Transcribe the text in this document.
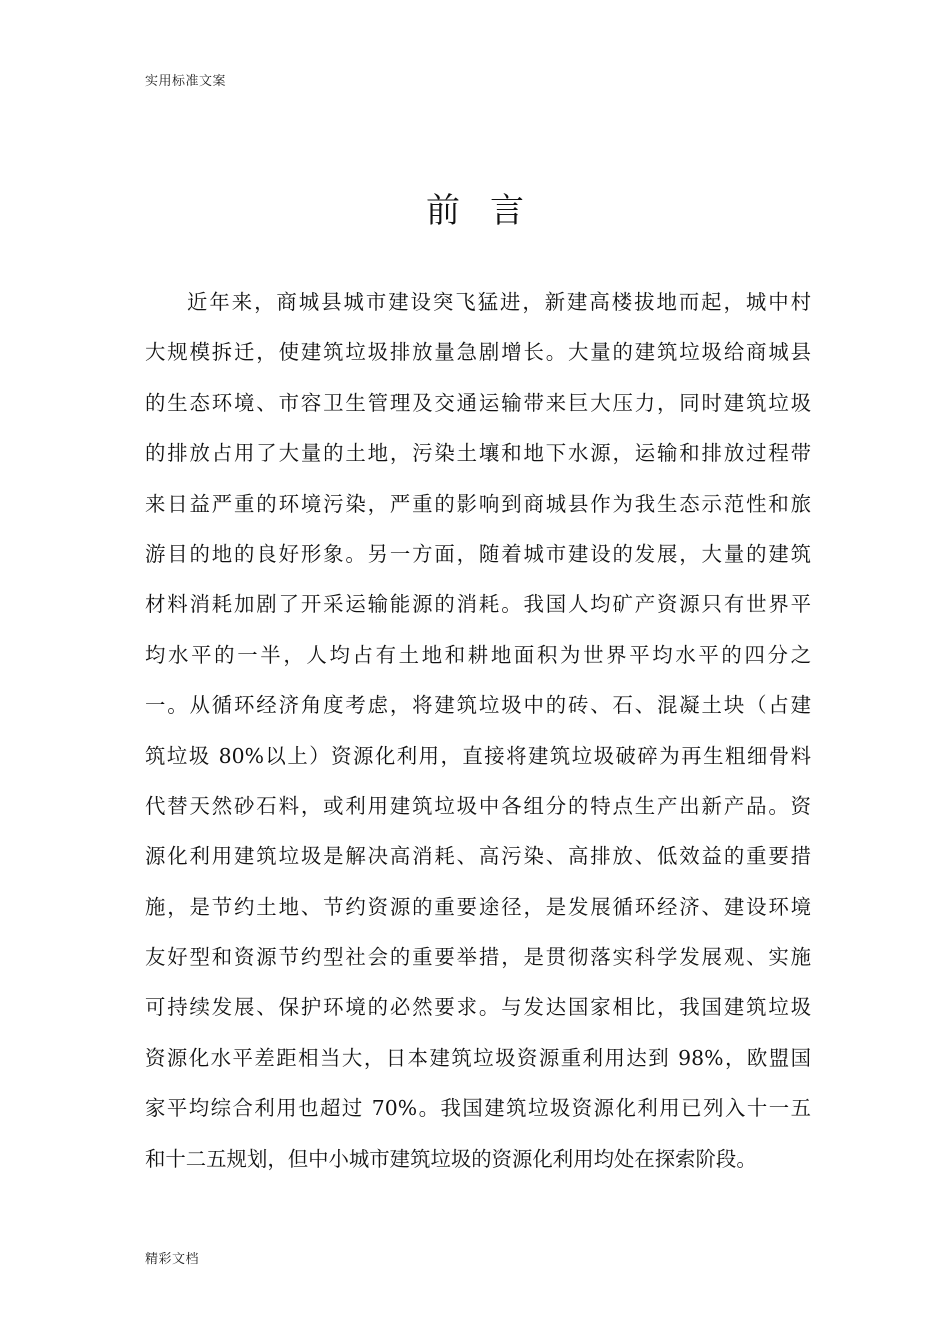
实用标准文案
前言
近年来，商城县城市建设突飞猛进，新建高楼拔地而起，城中村
大规模拆迁，使建筑垃圾排放量急剧增长。大量的建筑垃圾给商城县
的生态环境、市容卫生管理及交通运输带来巨大压力，同时建筑垃圾
的排放占用了大量的土地，污染土壤和地下水源，运输和排放过程带
来日益严重的环境污染，严重的影响到商城县作为我生态示范性和旅
游目的地的良好形象。另一方面，随着城市建设的发展，大量的建筑
材料消耗加剧了开采运输能源的消耗。我国人均矿产资源只有世界平
均水平的一半，人均占有土地和耕地面积为世界平均水平的四分之
一。从循环经济角度考虑，将建筑垃圾中的砖、石、混凝土块（占建
筑垃圾 80%以上）资源化利用，直接将建筑垃圾破碎为再生粗细骨料
代替天然砂石料，或利用建筑垃圾中各组分的特点生产出新产品。资
源化利用建筑垃圾是解决高消耗、高污染、高排放、低效益的重要措
施，是节约土地、节约资源的重要途径，是发展循环经济、建设环境
友好型和资源节约型社会的重要举措，是贯彻落实科学发展观、实施
可持续发展、保护环境的必然要求。与发达国家相比，我国建筑垃圾
资源化水平差距相当大，日本建筑垃圾资源重利用达到 98%，欧盟国
家平均综合利用也超过 70%。我国建筑垃圾资源化利用已列入十一五
和十二五规划，但中小城市建筑垃圾的资源化利用均处在探索阶段。
精彩文档
